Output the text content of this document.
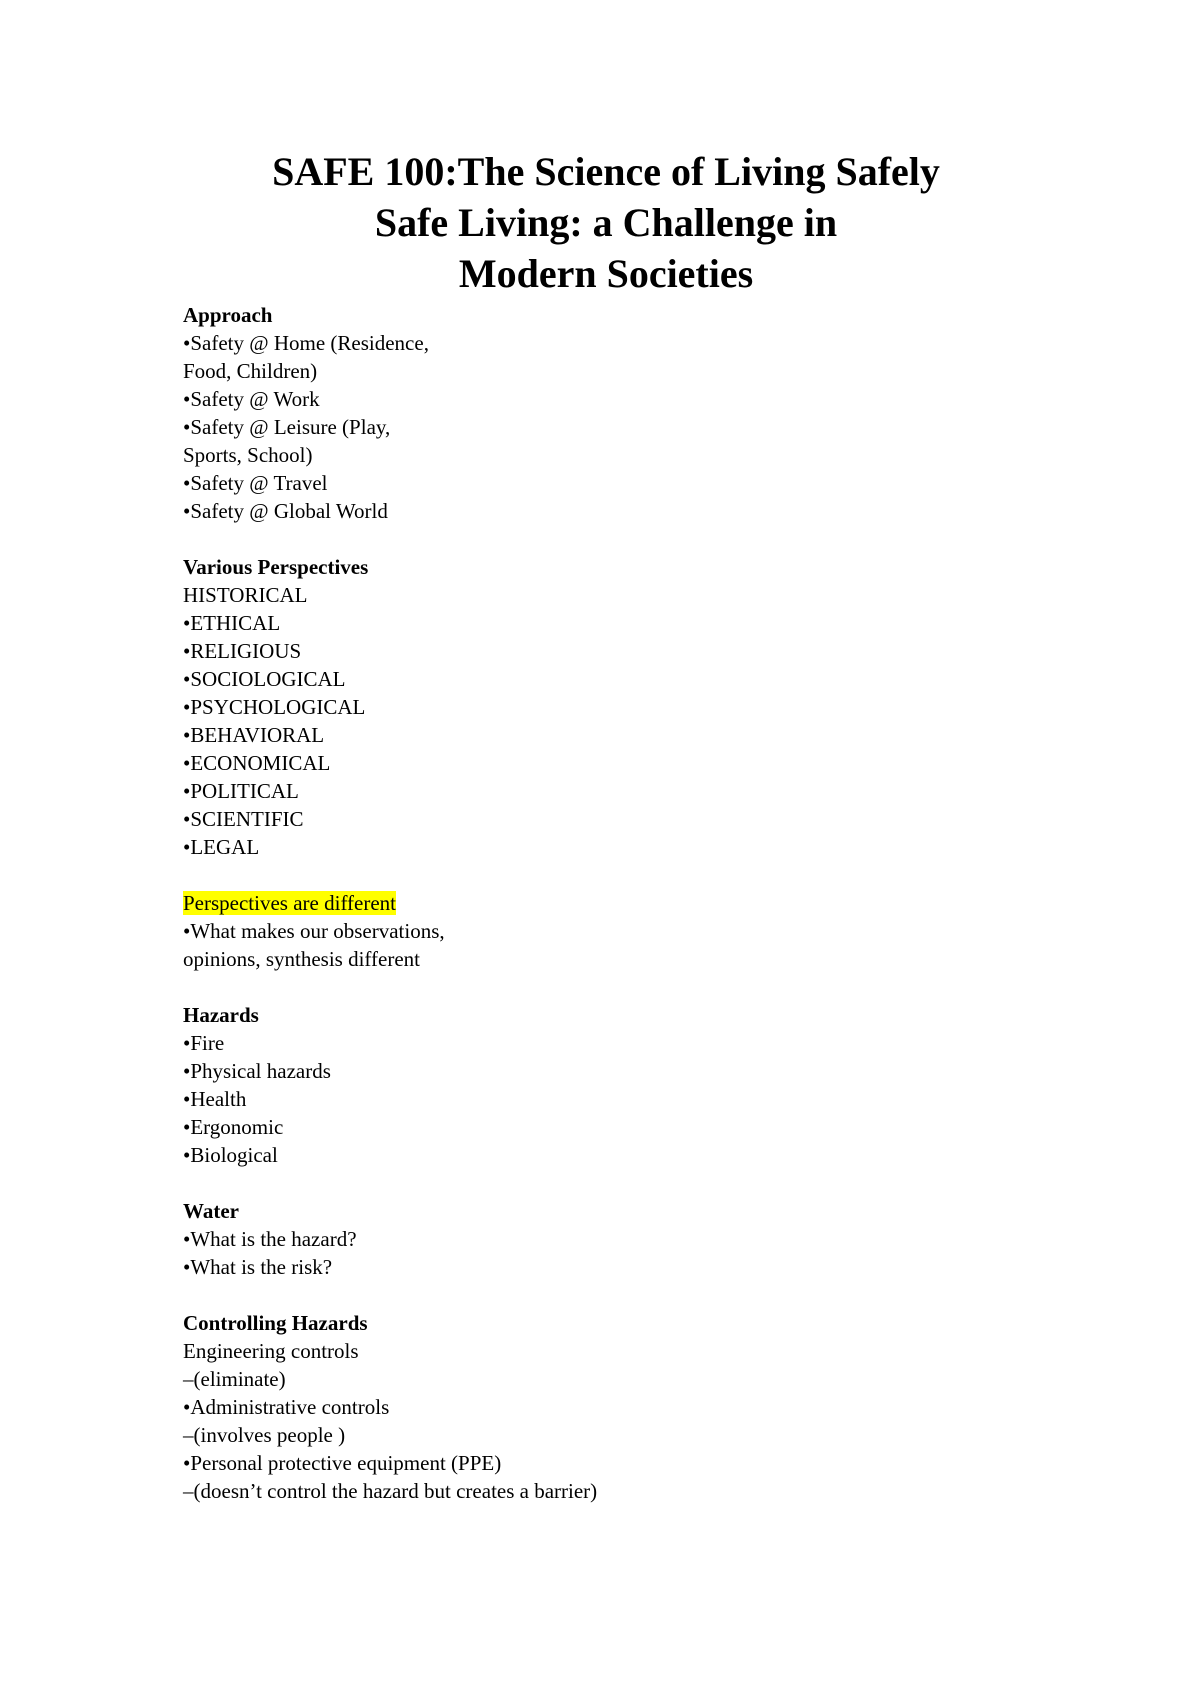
SAFE 100:The Science of Living Safely
Safe Living: a Challenge in
Modern Societies
Approach
•Safety @ Home (Residence,
Food, Children)
•Safety @ Work
•Safety @ Leisure (Play,
Sports, School)
•Safety @ Travel
•Safety @ Global World
Various Perspectives
HISTORICAL
•ETHICAL
•RELIGIOUS
•SOCIOLOGICAL
•PSYCHOLOGICAL
•BEHAVIORAL
•ECONOMICAL
•POLITICAL
•SCIENTIFIC
•LEGAL
Perspectives are different
•What makes our observations,
opinions, synthesis different
Hazards
•Fire
•Physical hazards
•Health
•Ergonomic
•Biological
Water
•What is the hazard?
•What is the risk?
Controlling Hazards
Engineering controls
–(eliminate)
•Administrative controls
–(involves people )
•Personal protective equipment (PPE)
–(doesn’t control the hazard but creates a barrier)
